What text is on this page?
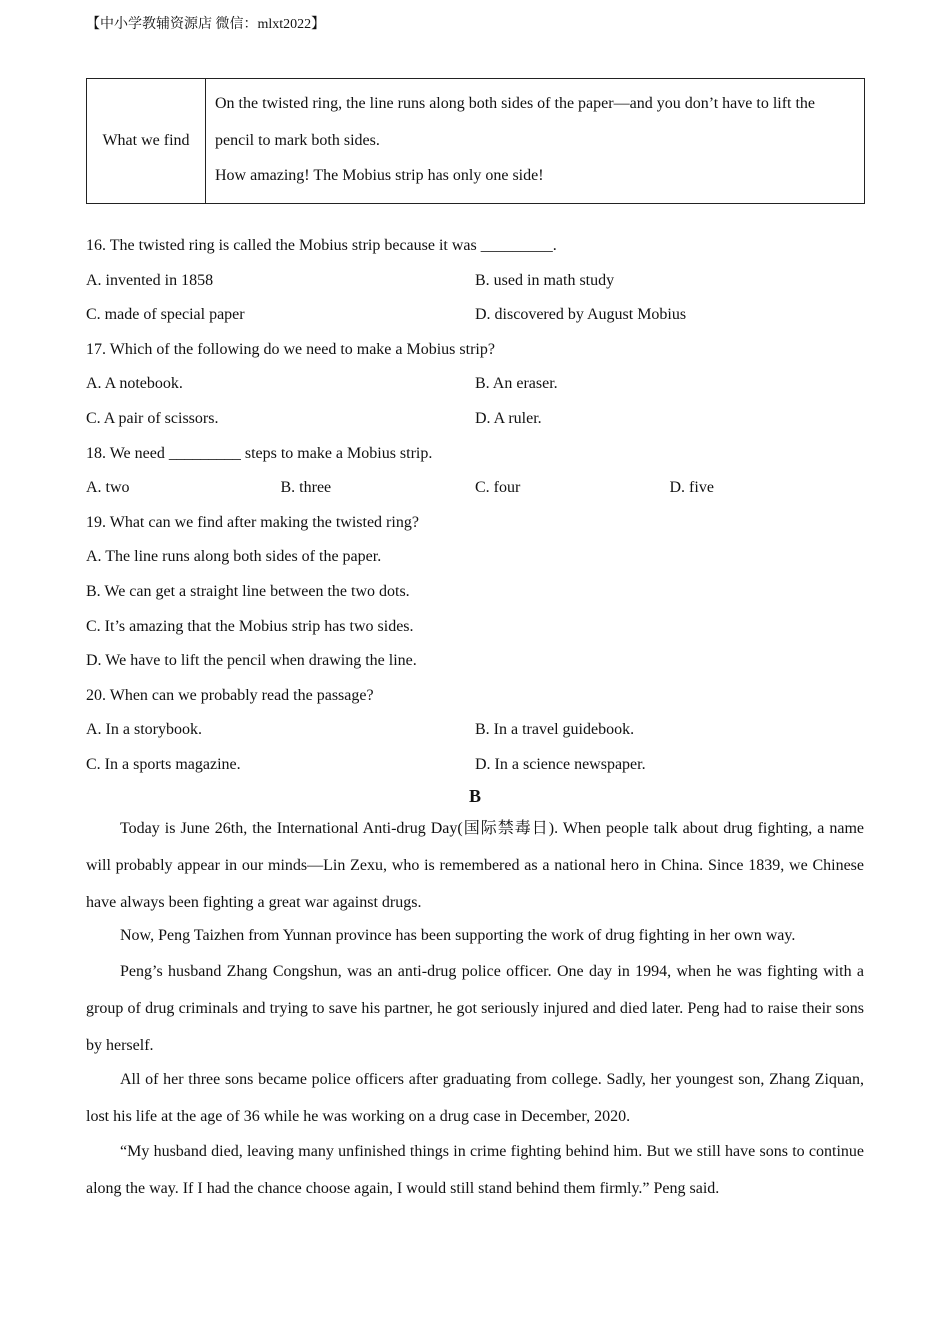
【中小学教辅资源店 微信：mlxt2022】
What we find	
On the twisted ring, the line runs along both sides of the paper—and you don’t have to lift the
pencil to mark both sides.
How amazing! The Mobius strip has only one side!
16. The twisted ring is called the Mobius strip because it was _________.
A. invented in 1858	B. used in math study
C. made of special paper	D. discovered by August Mobius
17. Which of the following do we need to make a Mobius strip?
A. A notebook.	B. An eraser.
C. A pair of scissors.	D. A ruler.
18. We need _________ steps to make a Mobius strip.
A. two	B. three	C. four	D. five
19. What can we find after making the twisted ring?
A. The line runs along both sides of the paper.
B. We can get a straight line between the two dots.
C. It’s amazing that the Mobius strip has two sides.
D. We have to lift the pencil when drawing the line.
20. When can we probably read the passage?
A. In a storybook.	B. In a travel guidebook.
C. In a sports magazine.	D. In a science newspaper.
B

Today is June 26th, the International Anti-drug Day(国际禁毒日). When people talk about drug fighting, a name will probably appear in our minds—Lin Zexu, who is remembered as a national hero in China. Since 1839, we Chinese have always been fighting a great war against drugs.

Now, Peng Taizhen from Yunnan province has been supporting the work of drug fighting in her own way.

Peng’s husband Zhang Congshun, was an anti-drug police officer. One day in 1994, when he was fighting with a group of drug criminals and trying to save his partner, he got seriously injured and died later. Peng had to raise their sons by herself.

All of her three sons became police officers after graduating from college. Sadly, her youngest son, Zhang Ziquan, lost his life at the age of 36 while he was working on a drug case in December, 2020.

“My husband died, leaving many unfinished things in crime fighting behind him. But we still have sons to continue along the way. If I had the chance choose again, I would still stand behind them firmly.” Peng said.
